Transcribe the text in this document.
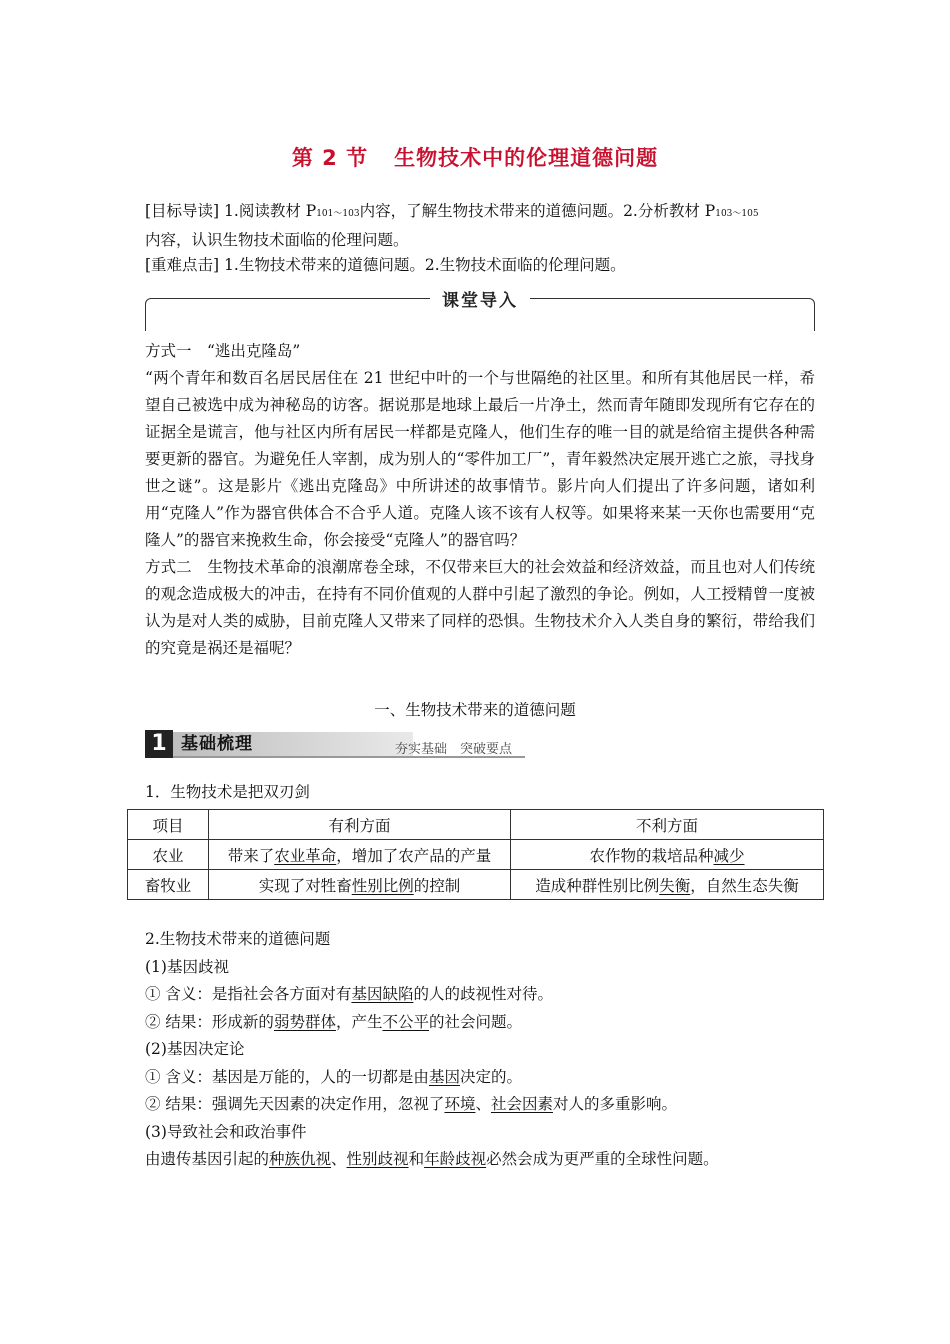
第 2 节 生物技术中的伦理道德问题
[目标导读] 1.阅读教材 P101～103内容，了解生物技术带来的道德问题。2.分析教材 P103～105
内容，认识生物技术面临的伦理问题。
[重难点击] 1.生物技术带来的道德问题。2.生物技术面临的伦理问题。
课堂导入

方式一　“逃出克隆岛”

“两个青年和数百名居民居住在 21 世纪中叶的一个与世隔绝的社区里。和所有其他居民一样，希望自己被选中成为神秘岛的访客。据说那是地球上最后一片净土，然而青年随即发现所有它存在的证据全是谎言，他与社区内所有居民一样都是克隆人，他们生存的唯一目的就是给宿主提供各种需要更新的器官。为避免任人宰割，成为别人的“零件加工厂”，青年毅然决定展开逃亡之旅，寻找身世之谜”。这是影片《逃出克隆岛》中所讲述的故事情节。影片向人们提出了许多问题，诸如利用“克隆人”作为器官供体合不合乎人道。克隆人该不该有人权等。如果将来某一天你也需要用“克隆人”的器官来挽救生命，你会接受“克隆人”的器官吗？

方式二　生物技术革命的浪潮席卷全球，不仅带来巨大的社会效益和经济效益，而且也对人们传统的观念造成极大的冲击，在持有不同价值观的人群中引起了激烈的争论。例如，人工授精曾一度被认为是对人类的威胁，目前克隆人又带来了同样的恐惧。生物技术介入人类自身的繁衍，带给我们的究竟是祸还是福呢？

一、生物技术带来的道德问题
1 基础梳理	夯实基础　突破要点
1．生物技术是把双刃剑
项目	有利方面	不利方面
农业	带来了农业革命，增加了农产品的产量	农作物的栽培品种减少
畜牧业	实现了对牲畜性别比例的控制	造成种群性别比例失衡，自然生态失衡
2.生物技术带来的道德问题
(1)基因歧视
① 含义：是指社会各方面对有基因缺陷的人的歧视性对待。
② 结果：形成新的弱势群体，产生不公平的社会问题。
(2)基因决定论
① 含义：基因是万能的，人的一切都是由基因决定的。
② 结果：强调先天因素的决定作用，忽视了环境、社会因素对人的多重影响。
(3)导致社会和政治事件
由遗传基因引起的种族仇视、性别歧视和年龄歧视必然会成为更严重的全球性问题。
